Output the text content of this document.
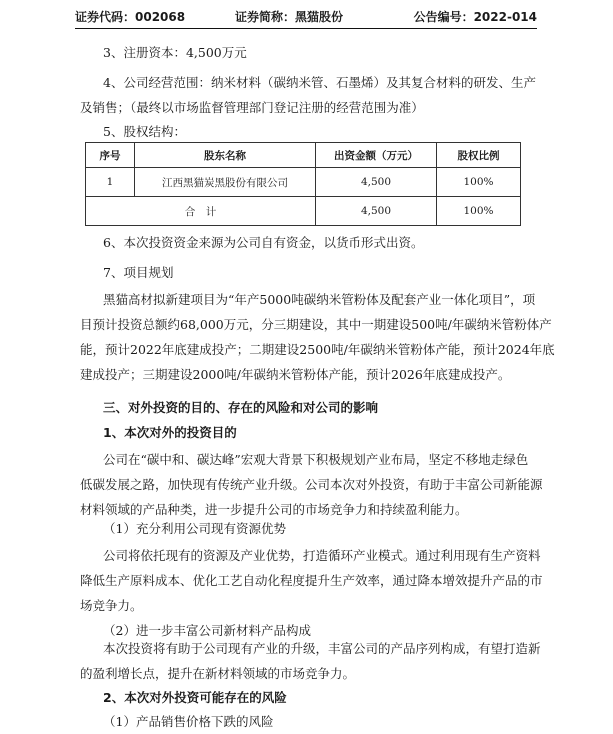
证券代码：002068	证券简称：黑猫股份	公告编号：2022-014

3、注册资本：4,500万元

4、公司经营范围：纳米材料（碳纳米管、石墨烯）及其复合材料的研发、生产

及销售；（最终以市场监督管理部门登记注册的经营范围为准）

5、股权结构：

序号	股东名称	出资金额（万元）	股权比例
1	江西黑猫炭黑股份有限公司	4,500	100%
合　计		4,500	100%

6、本次投资资金来源为公司自有资金，以货币形式出资。

7、项目规划

黑猫高材拟新建项目为“年产5000吨碳纳米管粉体及配套产业一体化项目”，项

目预计投资总额约68,000万元，分三期建设，其中一期建设500吨/年碳纳米管粉体产

能，预计2022年底建成投产；二期建设2500吨/年碳纳米管粉体产能，预计2024年底

建成投产；三期建设2000吨/年碳纳米管粉体产能，预计2026年底建成投产。

三、对外投资的目的、存在的风险和对公司的影响

1、本次对外的投资目的

公司在“碳中和、碳达峰”宏观大背景下积极规划产业布局，坚定不移地走绿色

低碳发展之路，加快现有传统产业升级。公司本次对外投资，有助于丰富公司新能源

材料领域的产品种类，进一步提升公司的市场竞争力和持续盈利能力。

（1）充分利用公司现有资源优势

公司将依托现有的资源及产业优势，打造循环产业模式。通过利用现有生产资料

降低生产原料成本、优化工艺自动化程度提升生产效率，通过降本增效提升产品的市

场竞争力。

（2）进一步丰富公司新材料产品构成

本次投资将有助于公司现有产业的升级，丰富公司的产品序列构成，有望打造新

的盈利增长点，提升在新材料领域的市场竞争力。

2、本次对外投资可能存在的风险

（1）产品销售价格下跌的风险
